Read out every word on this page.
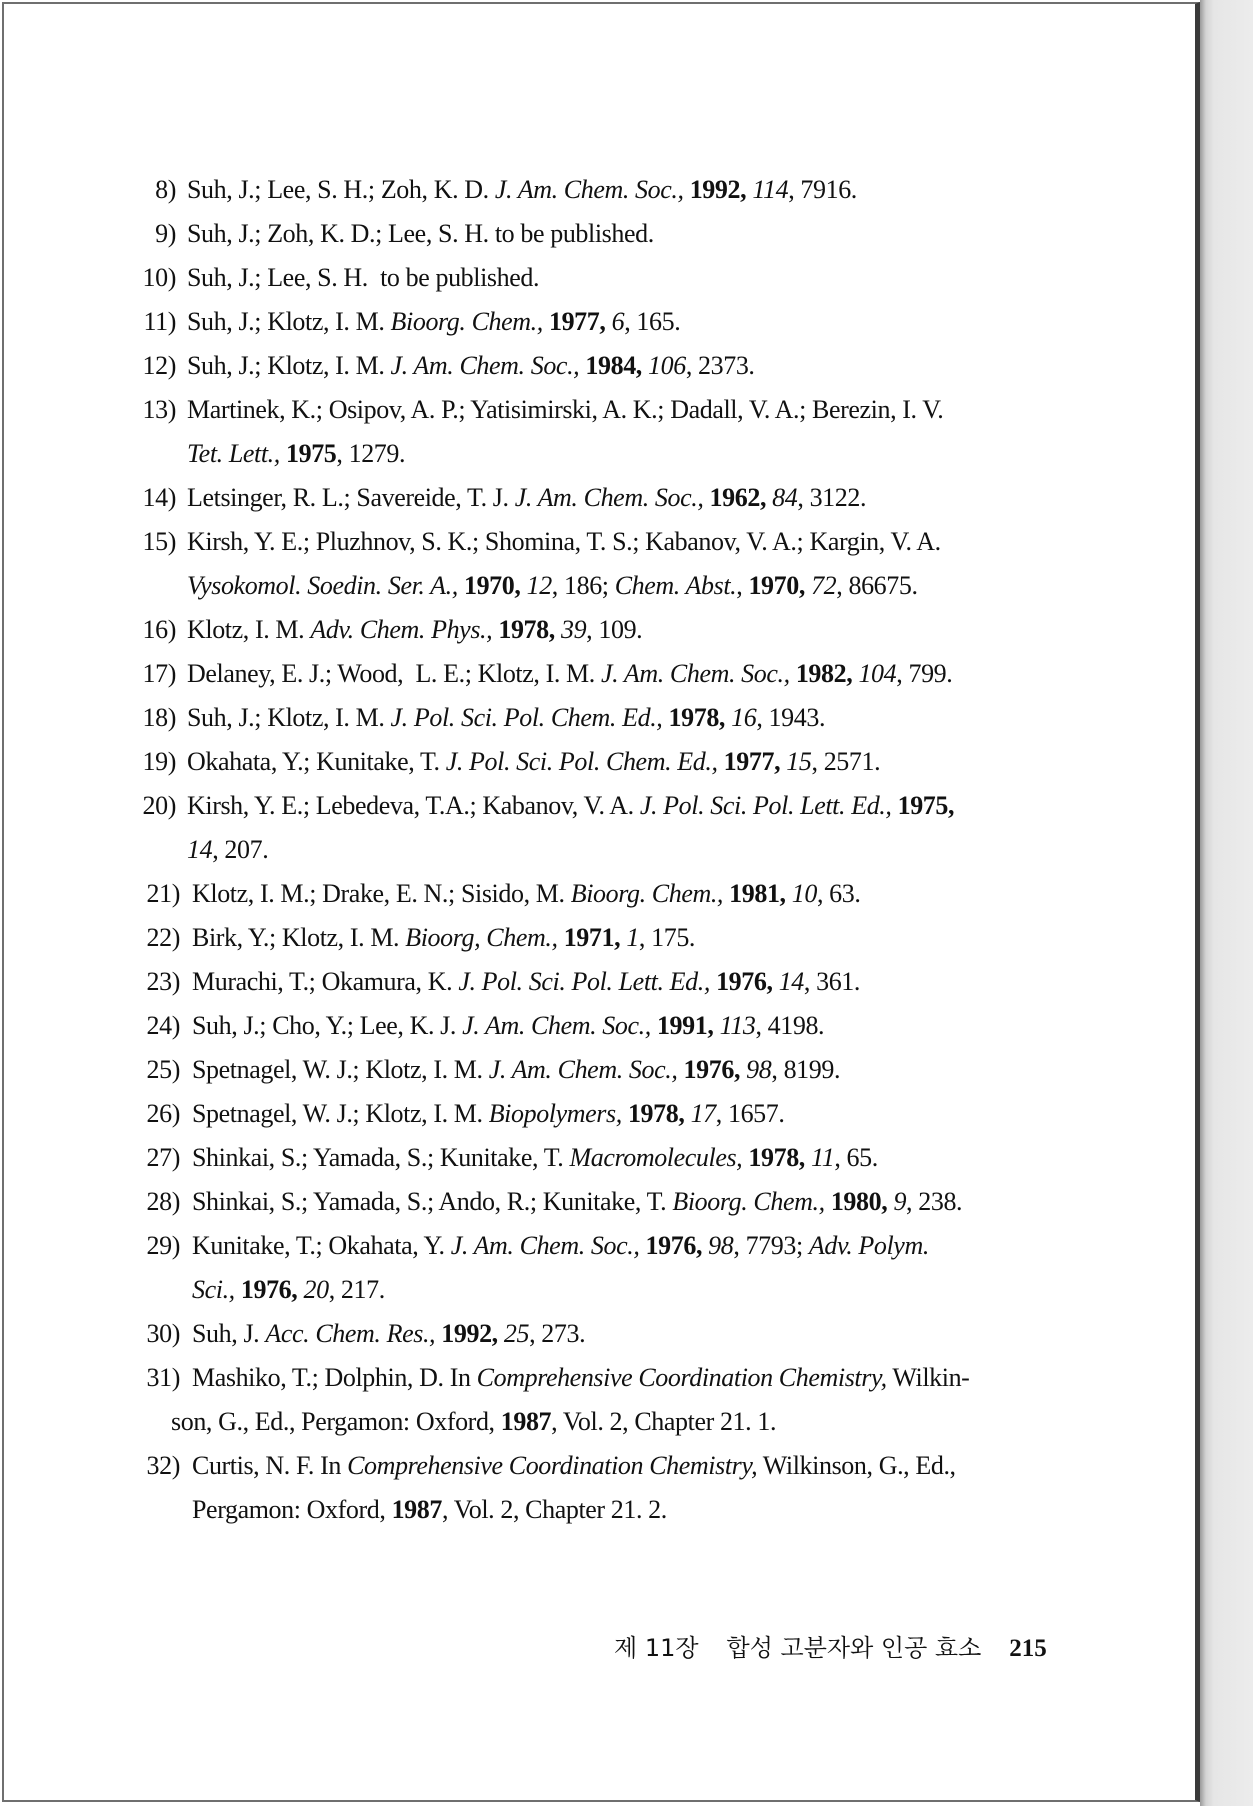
8) Suh, J.; Lee, S. H.; Zoh, K. D. J. Am. Chem. Soc., 1992, 114, 7916.
9) Suh, J.; Zoh, K. D.; Lee, S. H. to be published.
10) Suh, J.; Lee, S. H.  to be published.
11) Suh, J.; Klotz, I. M. Bioorg. Chem., 1977, 6, 165.
12) Suh, J.; Klotz, I. M. J. Am. Chem. Soc., 1984, 106, 2373.
13) Martinek, K.; Osipov, A. P.; Yatisimirski, A. K.; Dadall, V. A.; Berezin, I. V.
Tet. Lett., 1975, 1279.
14) Letsinger, R. L.; Savereide, T. J. J. Am. Chem. Soc., 1962, 84, 3122.
15) Kirsh, Y. E.; Pluzhnov, S. K.; Shomina, T. S.; Kabanov, V. A.; Kargin, V. A.
Vysokomol. Soedin. Ser. A., 1970, 12, 186; Chem. Abst., 1970, 72, 86675.
16) Klotz, I. M. Adv. Chem. Phys., 1978, 39, 109.
17) Delaney, E. J.; Wood,  L. E.; Klotz, I. M. J. Am. Chem. Soc., 1982, 104, 799.
18) Suh, J.; Klotz, I. M. J. Pol. Sci. Pol. Chem. Ed., 1978, 16, 1943.
19) Okahata, Y.; Kunitake, T. J. Pol. Sci. Pol. Chem. Ed., 1977, 15, 2571.
20) Kirsh, Y. E.; Lebedeva, T.A.; Kabanov, V. A. J. Pol. Sci. Pol. Lett. Ed., 1975,
14, 207.
21) Klotz, I. M.; Drake, E. N.; Sisido, M. Bioorg. Chem., 1981, 10, 63.
22) Birk, Y.; Klotz, I. M. Bioorg, Chem., 1971, 1, 175.
23) Murachi, T.; Okamura, K. J. Pol. Sci. Pol. Lett. Ed., 1976, 14, 361.
24) Suh, J.; Cho, Y.; Lee, K. J. J. Am. Chem. Soc., 1991, 113, 4198.
25) Spetnagel, W. J.; Klotz, I. M. J. Am. Chem. Soc., 1976, 98, 8199.
26) Spetnagel, W. J.; Klotz, I. M. Biopolymers, 1978, 17, 1657.
27) Shinkai, S.; Yamada, S.; Kunitake, T. Macromolecules, 1978, 11, 65.
28) Shinkai, S.; Yamada, S.; Ando, R.; Kunitake, T. Bioorg. Chem., 1980, 9, 238.
29) Kunitake, T.; Okahata, Y. J. Am. Chem. Soc., 1976, 98, 7793; Adv. Polym.
Sci., 1976, 20, 217.
30) Suh, J. Acc. Chem. Res., 1992, 25, 273.
31) Mashiko, T.; Dolphin, D. In Comprehensive Coordination Chemistry, Wilkin-
son, G., Ed., Pergamon: Oxford, 1987, Vol. 2, Chapter 21. 1.
32) Curtis, N. F. In Comprehensive Coordination Chemistry, Wilkinson, G., Ed.,
Pergamon: Oxford, 1987, Vol. 2, Chapter 21. 2.
제 11장 합성 고분자와 인공 효소 215
